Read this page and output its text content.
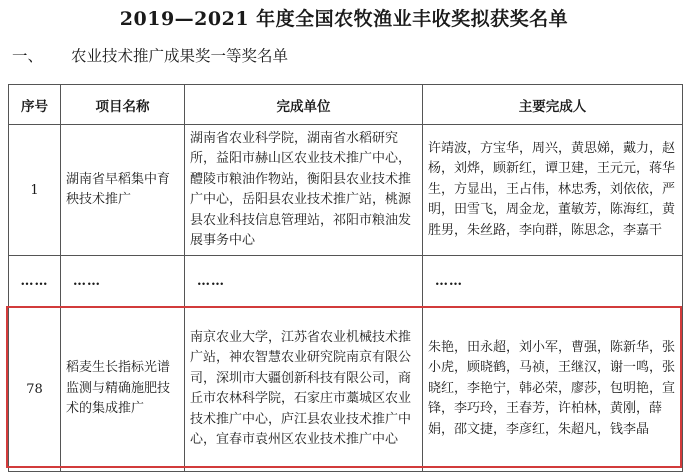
2019—2021 年度全国农牧渔业丰收奖拟获奖名单
一、 农业技术推广成果奖一等奖名单
序号	项目名称	完成单位	主要完成人
1	湖南省早稻集中育秧技术推广	湖南省农业科学院，湖南省水稻研究所，益阳市赫山区农业技术推广中心，醴陵市粮油作物站，衡阳县农业技术推广中心，岳阳县农业技术推广站，桃源县农业科技信息管理站，祁阳市粮油发展事务中心	许靖波，方宝华，周兴，黄思娣，戴力，赵杨，刘烨，顾新红，谭卫建，王元元，蒋华生，方显出，王占伟，林忠秀，刘依依，严明，田雪飞，周金龙，董敏芳，陈海红，黄胜男，朱丝路，李向群，陈思念，李嘉干
……	……	……	……
78	稻麦生长指标光谱监测与精确施肥技术的集成推广	南京农业大学，江苏省农业机械技术推广站，神农智慧农业研究院南京有限公司，深圳市大疆创新科技有限公司，商丘市农林科学院，石家庄市藁城区农业技术推广中心，庐江县农业技术推广中心，宜春市袁州区农业技术推广中心	朱艳，田永超，刘小军，曹强，陈新华，张小虎，顾晓鹤，马祯，王继汉，谢一鸣，张晓红，李艳宁，韩必荣，廖莎，包明艳，宣锋，李巧玲，王春芳，许柏林，黄刚，薛娟，邵文捷，李彦红，朱超凡，钱李晶
